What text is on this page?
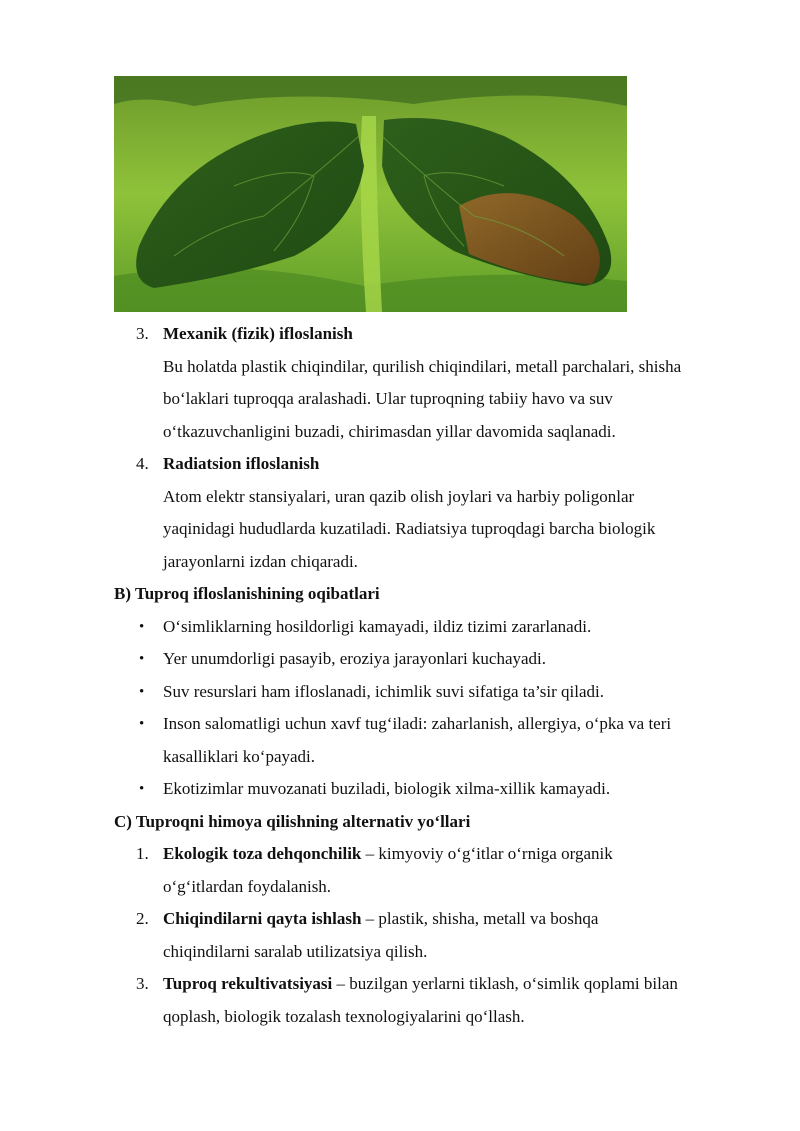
3. Mexanik (fizik) ifloslanish
Bu holatda plastik chiqindilar, qurilish chiqindilari, metall parchalari, shisha
bo‘laklari tuproqqa aralashadi. Ular tuproqning tabiiy havo va suv
o‘tkazuvchanligini buzadi, chirimasdan yillar davomida saqlanadi.
4. Radiatsion ifloslanish
Atom elektr stansiyalari, uran qazib olish joylari va harbiy poligonlar
yaqinidagi hududlarda kuzatiladi. Radiatsiya tuproqdagi barcha biologik
jarayonlarni izdan chiqaradi.
B) Tuproq ifloslanishining oqibatlari
• O‘simliklarning hosildorligi kamayadi, ildiz tizimi zararlanadi.
• Yer unumdorligi pasayib, eroziya jarayonlari kuchayadi.
• Suv resurslari ham ifloslanadi, ichimlik suvi sifatiga ta’sir qiladi.
• Inson salomatligi uchun xavf tug‘iladi: zaharlanish, allergiya, o‘pka va teri
kasalliklari ko‘payadi.
• Ekotizimlar muvozanati buziladi, biologik xilma-xillik kamayadi.
C) Tuproqni himoya qilishning alternativ yo‘llari
1. Ekologik toza dehqonchilik – kimyoviy o‘g‘itlar o‘rniga organik
o‘g‘itlardan foydalanish.
2. Chiqindilarni qayta ishlash – plastik, shisha, metall va boshqa
chiqindilarni saralab utilizatsiya qilish.
3. Tuproq rekultivatsiyasi – buzilgan yerlarni tiklash, o‘simlik qoplami bilan
qoplash, biologik tozalash texnologiyalarini qo‘llash.
